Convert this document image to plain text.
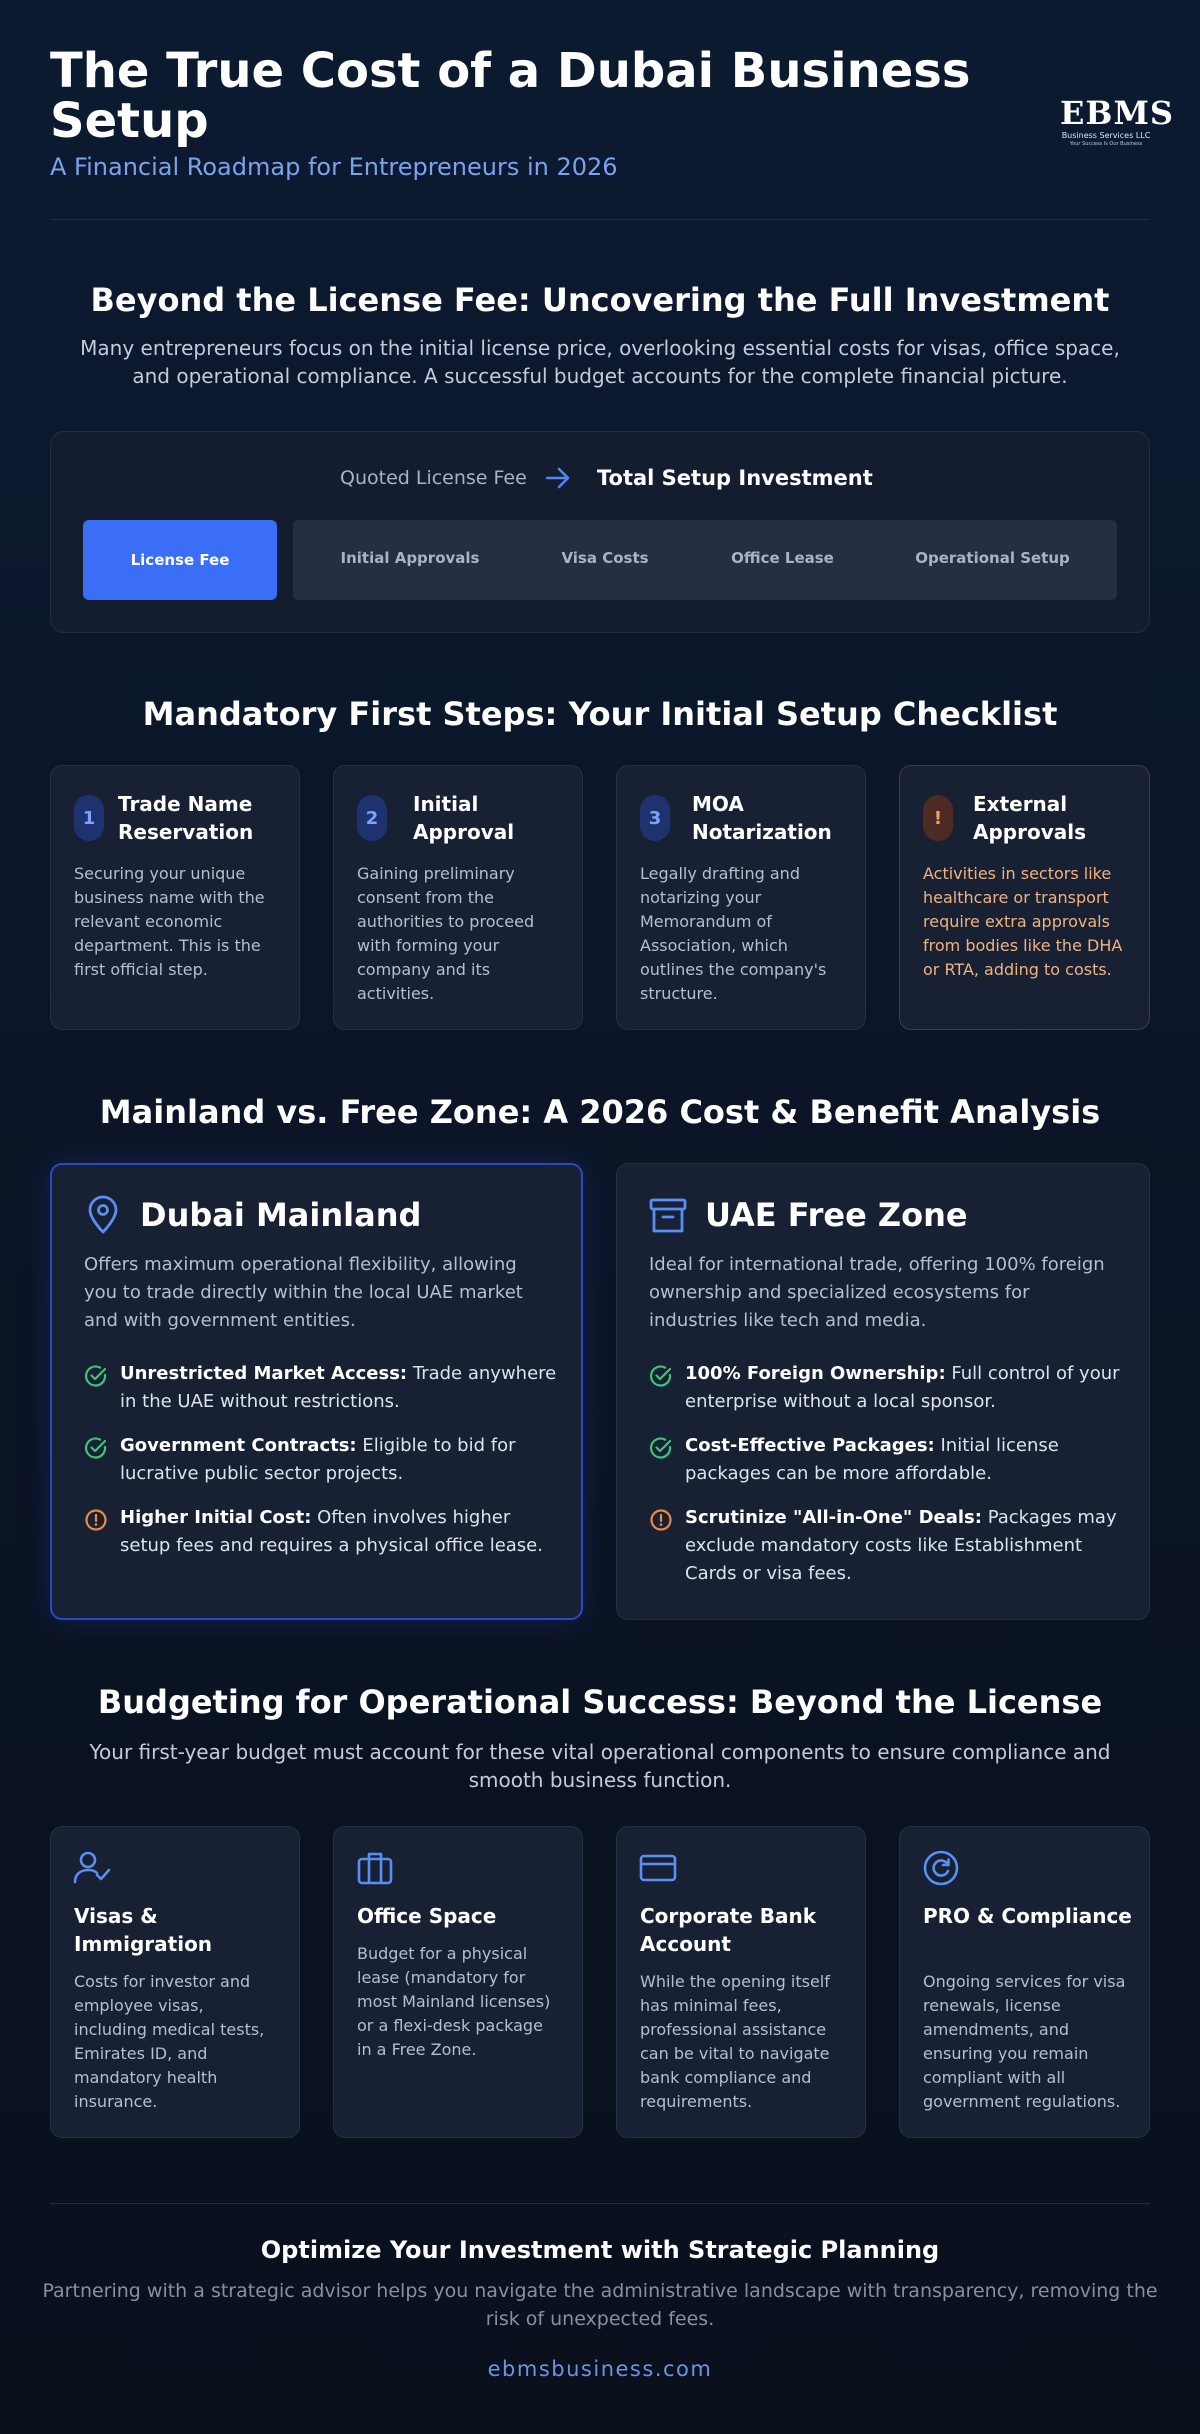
The True Cost of a Dubai Business Setup
A Financial Roadmap for Entrepreneurs in 2026
EBMS
Business Services LLC
Your Success Is Our Business
Beyond the License Fee: Uncovering the Full Investment
Many entrepreneurs focus on the initial license price, overlooking essential costs for visas, office space, and operational compliance. A successful budget accounts for the complete financial picture.
Quoted License Fee	Total Setup Investment
License Fee	Initial Approvals	Visa Costs	Office Lease	Operational Setup
Mandatory First Steps: Your Initial Setup Checklist
1
Trade Name Reservation
Securing your unique business name with the relevant economic department. This is the first official step.
2
Initial Approval
Gaining preliminary consent from the authorities to proceed with forming your company and its activities.
3
MOA Notarization
Legally drafting and notarizing your Memorandum of Association, which outlines the company's structure.
!
External Approvals
Activities in sectors like healthcare or transport require extra approvals from bodies like the DHA or RTA, adding to costs.
Mainland vs. Free Zone: A 2026 Cost & Benefit Analysis
Dubai Mainland
Offers maximum operational flexibility, allowing you to trade directly within the local UAE market and with government entities.
Unrestricted Market Access: Trade anywhere in the UAE without restrictions.
Government Contracts: Eligible to bid for lucrative public sector projects.
Higher Initial Cost: Often involves higher setup fees and requires a physical office lease.
UAE Free Zone
Ideal for international trade, offering 100% foreign ownership and specialized ecosystems for industries like tech and media.
100% Foreign Ownership: Full control of your enterprise without a local sponsor.
Cost-Effective Packages: Initial license packages can be more affordable.
Scrutinize "All-in-One" Deals: Packages may exclude mandatory costs like Establishment Cards or visa fees.
Budgeting for Operational Success: Beyond the License
Your first-year budget must account for these vital operational components to ensure compliance and smooth business function.
Visas & Immigration
Costs for investor and employee visas, including medical tests, Emirates ID, and mandatory health insurance.
Office Space
Budget for a physical lease (mandatory for most Mainland licenses) or a flexi-desk package in a Free Zone.
Corporate Bank Account
While the opening itself has minimal fees, professional assistance can be vital to navigate bank compliance and requirements.
PRO & Compliance
Ongoing services for visa renewals, license amendments, and ensuring you remain compliant with all government regulations.
Optimize Your Investment with Strategic Planning
Partnering with a strategic advisor helps you navigate the administrative landscape with transparency, removing the risk of unexpected fees.
ebmsbusiness.com
